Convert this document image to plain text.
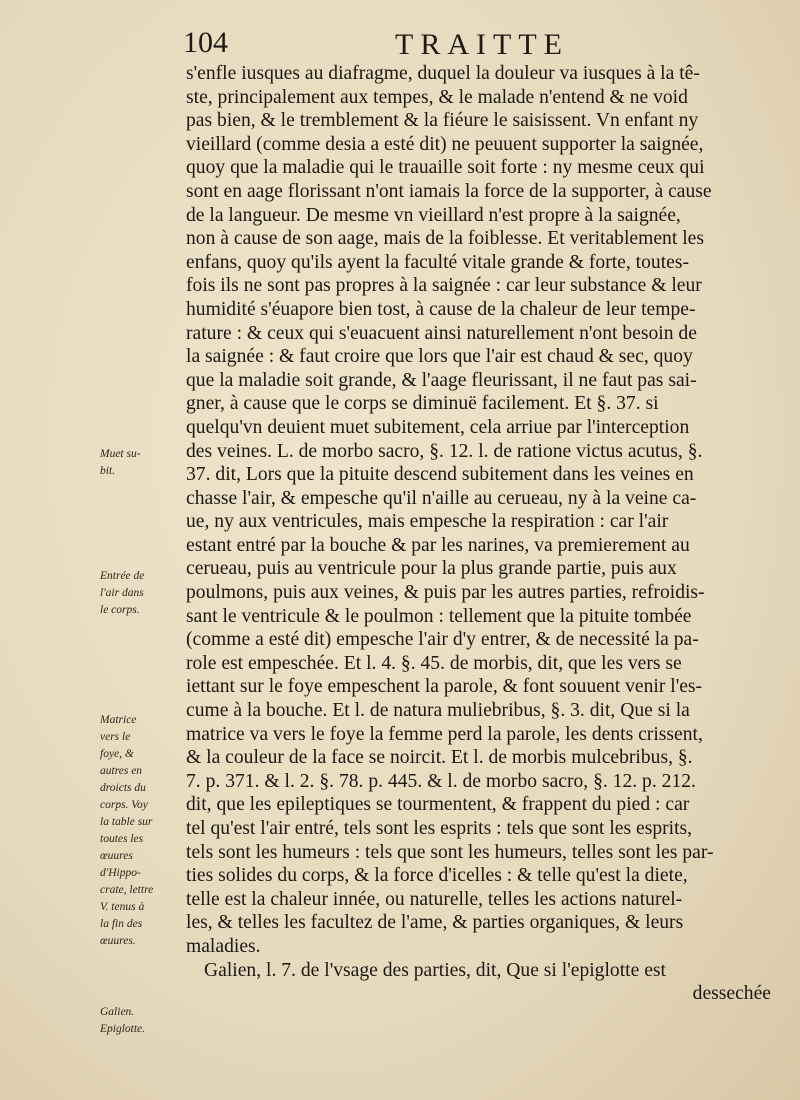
104	TRAITTE
s'enfle iusques au diafragme, duquel la douleur va iusques à la tê-
ste, principalement aux tempes, & le malade n'entend & ne void
pas bien, & le tremblement & la fiéure le saisissent. Vn enfant ny
vieillard (comme desia a esté dit) ne peuuent supporter la saignée,
quoy que la maladie qui le trauaille soit forte : ny mesme ceux qui
sont en aage florissant n'ont iamais la force de la supporter, à cause
de la langueur. De mesme vn vieillard n'est propre à la saignée,
non à cause de son aage, mais de la foiblesse. Et veritablement les
enfans, quoy qu'ils ayent la faculté vitale grande & forte, toutes-
fois ils ne sont pas propres à la saignée : car leur substance & leur
humidité s'éuapore bien tost, à cause de la chaleur de leur tempe-
rature : & ceux qui s'euacuent ainsi naturellement n'ont besoin de
la saignée : & faut croire que lors que l'air est chaud & sec, quoy
que la maladie soit grande, & l'aage fleurissant, il ne faut pas sai-
gner, à cause que le corps se diminuë facilement. Et §. 37. si
quelqu'vn deuient muet subitement, cela arriue par l'interception
des veines. L. de morbo sacro, §. 12. l. de ratione victus acutus, §.
37. dit, Lors que la pituite descend subitement dans les veines en
chasse l'air, & empesche qu'il n'aille au cerueau, ny à la veine ca-
ue, ny aux ventricules, mais empesche la respiration : car l'air
estant entré par la bouche & par les narines, va premierement au
cerueau, puis au ventricule pour la plus grande partie, puis aux
poulmons, puis aux veines, & puis par les autres parties, refroidis-
sant le ventricule & le poulmon : tellement que la pituite tombée
(comme a esté dit) empesche l'air d'y entrer, & de necessité la pa-
role est empeschée. Et l. 4. §. 45. de morbis, dit, que les vers se
iettant sur le foye empeschent la parole, & font souuent venir l'es-
cume à la bouche. Et l. de natura muliebribus, §. 3. dit, Que si la
matrice va vers le foye la femme perd la parole, les dents crissent,
& la couleur de la face se noircit. Et l. de morbis mulcebribus, §.
7. p. 371. & l. 2. §. 78. p. 445. & l. de morbo sacro, §. 12. p. 212.
dit, que les epileptiques se tourmentent, & frappent du pied : car
tel qu'est l'air entré, tels sont les esprits : tels que sont les esprits,
tels sont les humeurs : tels que sont les humeurs, telles sont les par-
ties solides du corps, & la force d'icelles : & telle qu'est la diete,
telle est la chaleur innée, ou naturelle, telles les actions naturel-
les, & telles les facultez de l'ame, & parties organiques, & leurs
maladies.
Galien, l. 7. de l'vsage des parties, dit, Que si l'epiglotte est
dessechée
Muet su-
bit.
Entrée de
l'air dans
le corps.
Matrice
vers le
foye, &
autres en
droicts du
corps. Voy
la table sur
toutes les
œuures
d'Hippo-
crate, lettre
V. tenus à
la fin des
œuures.
Galien.
Epiglotte.
